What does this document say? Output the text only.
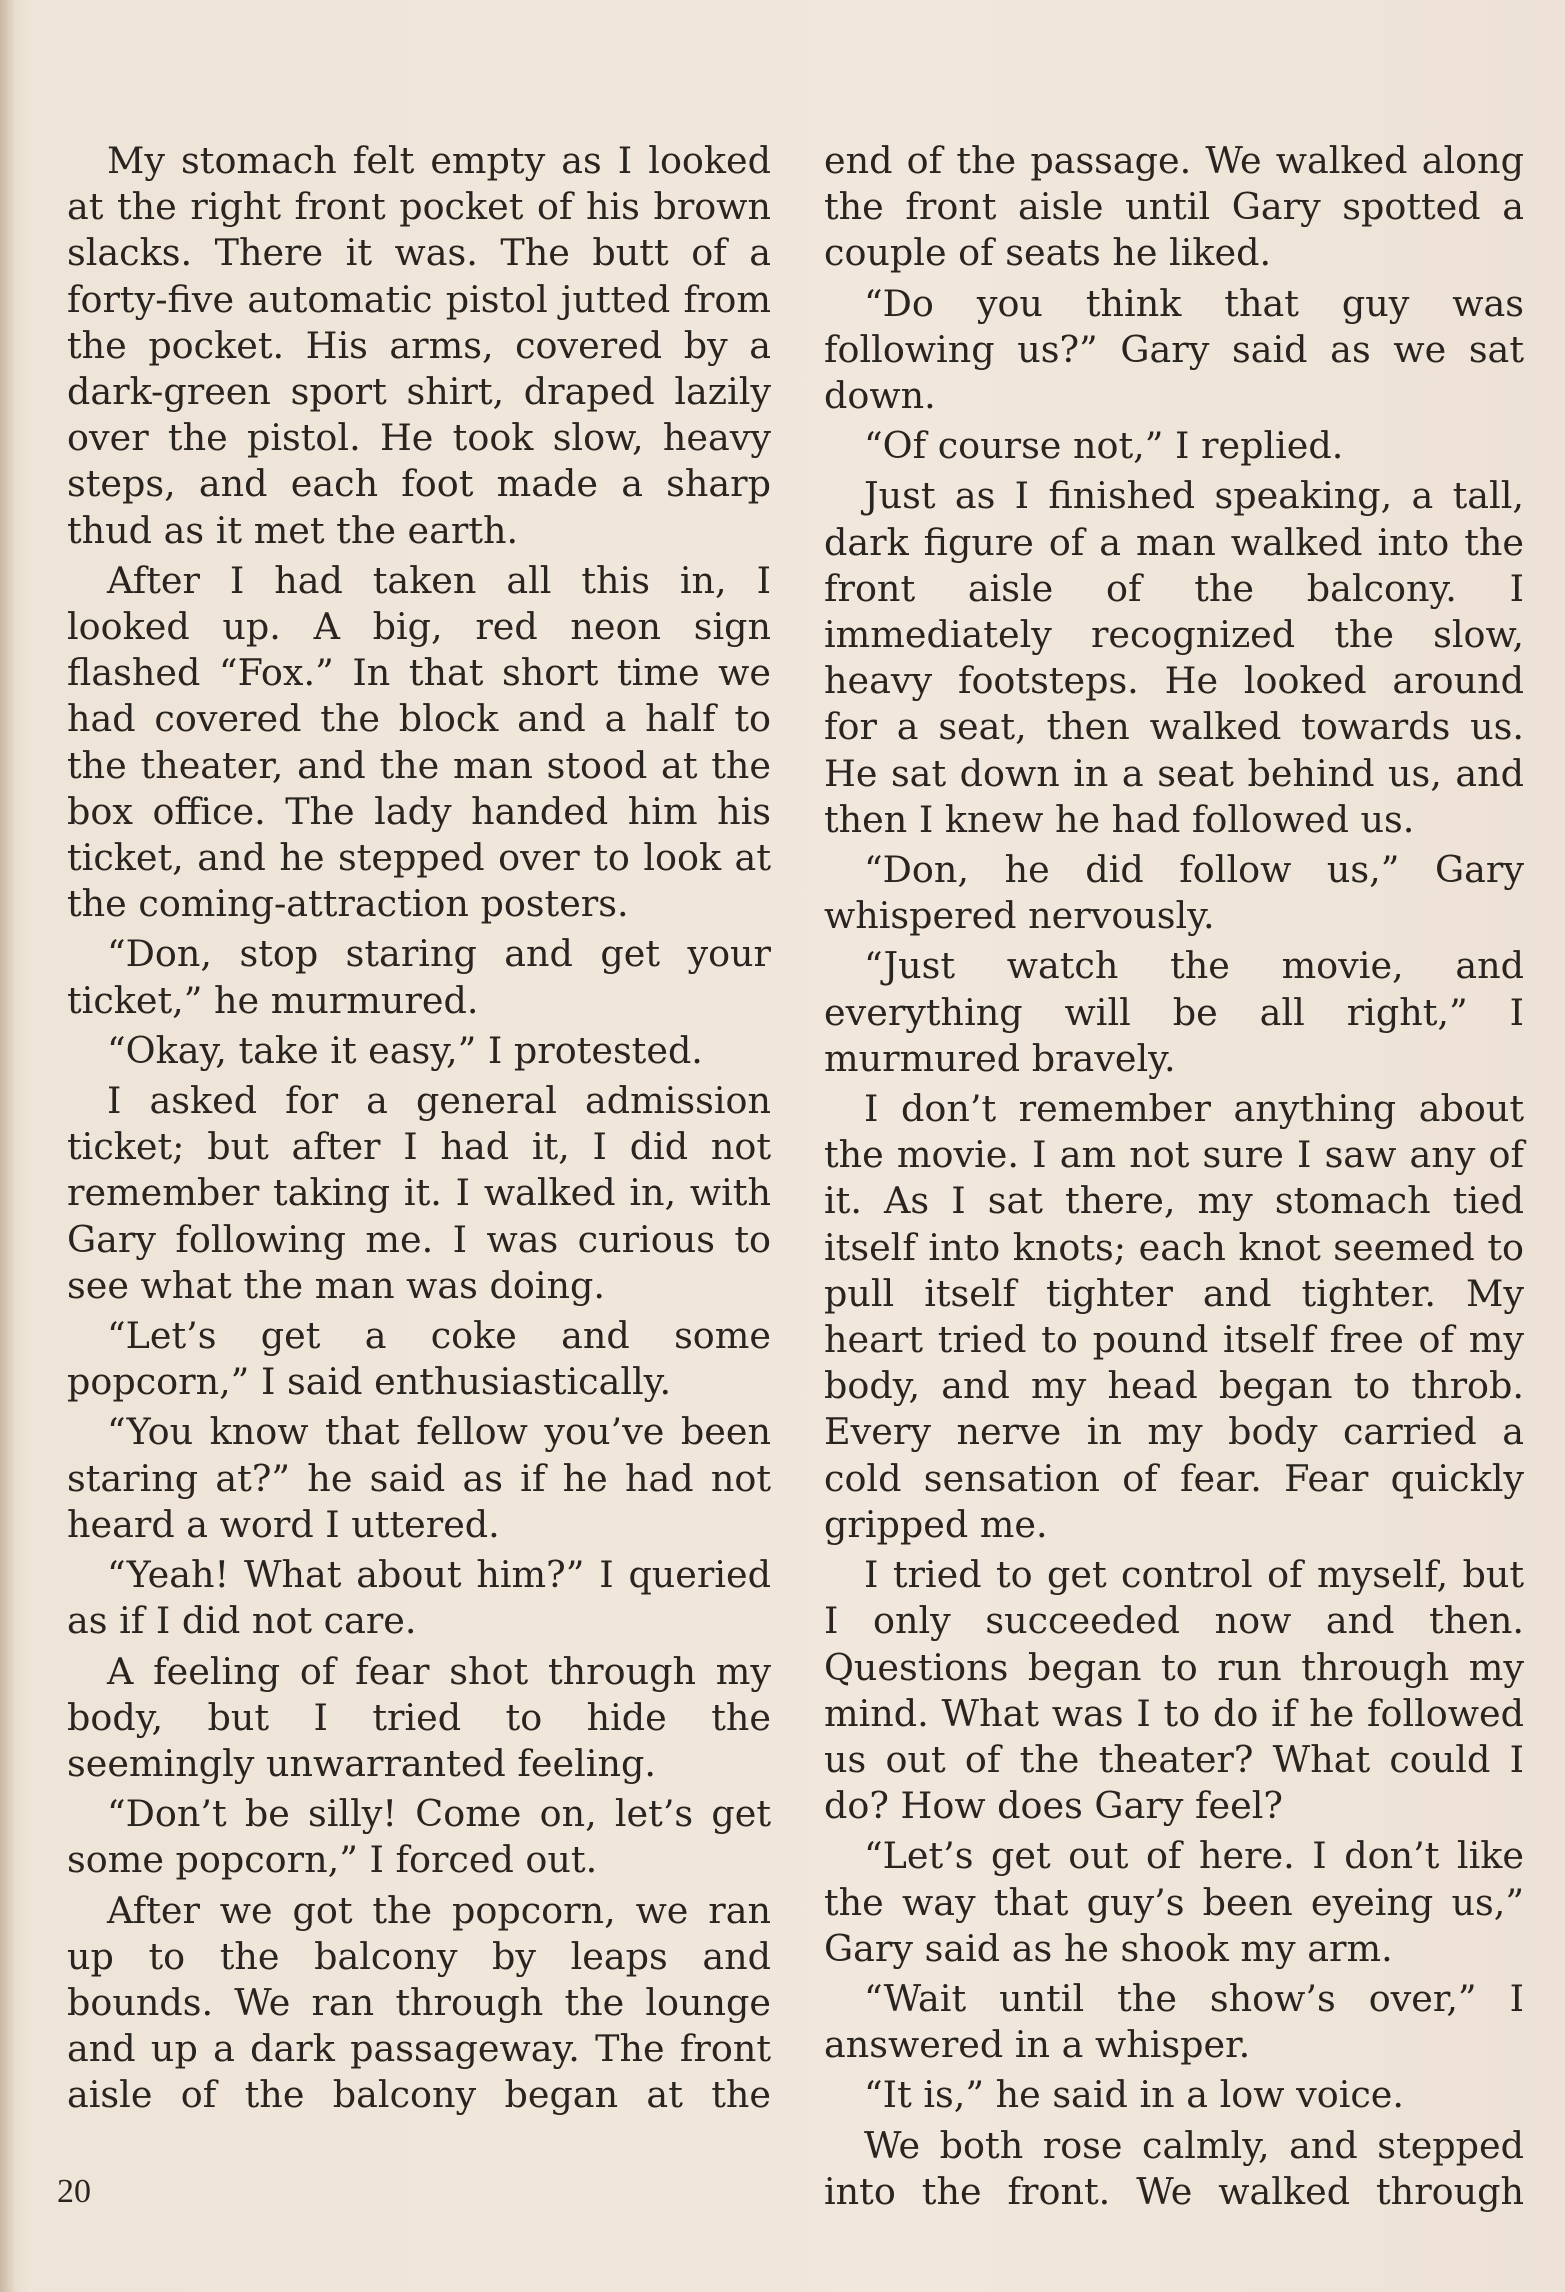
My stomach felt empty as I looked at the right front pocket of his brown slacks. There it was. The butt of a forty-five automatic pistol jutted from the pocket. His arms, covered by a dark-green sport shirt, draped lazily over the pistol. He took slow, heavy steps, and each foot made a sharp thud as it met the earth.

After I had taken all this in, I looked up. A big, red neon sign flashed “Fox.” In that short time we had covered the block and a half to the theater, and the man stood at the box office. The lady handed him his ticket, and he stepped over to look at the coming-attraction posters.

“Don, stop staring and get your ticket,” he murmured.

“Okay, take it easy,” I protested.

I asked for a general admission ticket; but after I had it, I did not remember taking it. I walked in, with Gary following me. I was curious to see what the man was doing.

“Let’s get a coke and some popcorn,” I said enthusiastically.

“You know that fellow you’ve been staring at?” he said as if he had not heard a word I uttered.

“Yeah! What about him?” I queried as if I did not care.

A feeling of fear shot through my body, but I tried to hide the seemingly unwarranted feeling.

“Don’t be silly! Come on, let’s get some popcorn,” I forced out.

After we got the popcorn, we ran up to the balcony by leaps and bounds. We ran through the lounge and up a dark passageway. The front aisle of the balcony began at the

end of the passage. We walked along the front aisle until Gary spotted a couple of seats he liked.

“Do you think that guy was following us?” Gary said as we sat down.

“Of course not,” I replied.

Just as I finished speaking, a tall, dark figure of a man walked into the front aisle of the balcony. I immediately recognized the slow, heavy footsteps. He looked around for a seat, then walked towards us. He sat down in a seat behind us, and then I knew he had followed us.

“Don, he did follow us,” Gary whispered nervously.

“Just watch the movie, and everything will be all right,” I murmured bravely.

I don’t remember anything about the movie. I am not sure I saw any of it. As I sat there, my stomach tied itself into knots; each knot seemed to pull itself tighter and tighter. My heart tried to pound itself free of my body, and my head began to throb. Every nerve in my body carried a cold sensation of fear. Fear quickly gripped me.

I tried to get control of myself, but I only succeeded now and then. Questions began to run through my mind. What was I to do if he followed us out of the theater? What could I do? How does Gary feel?

“Let’s get out of here. I don’t like the way that guy’s been eyeing us,” Gary said as he shook my arm.

“Wait until the show’s over,” I answered in a whisper.

“It is,” he said in a low voice.

We both rose calmly, and stepped into the front. We walked through

20
